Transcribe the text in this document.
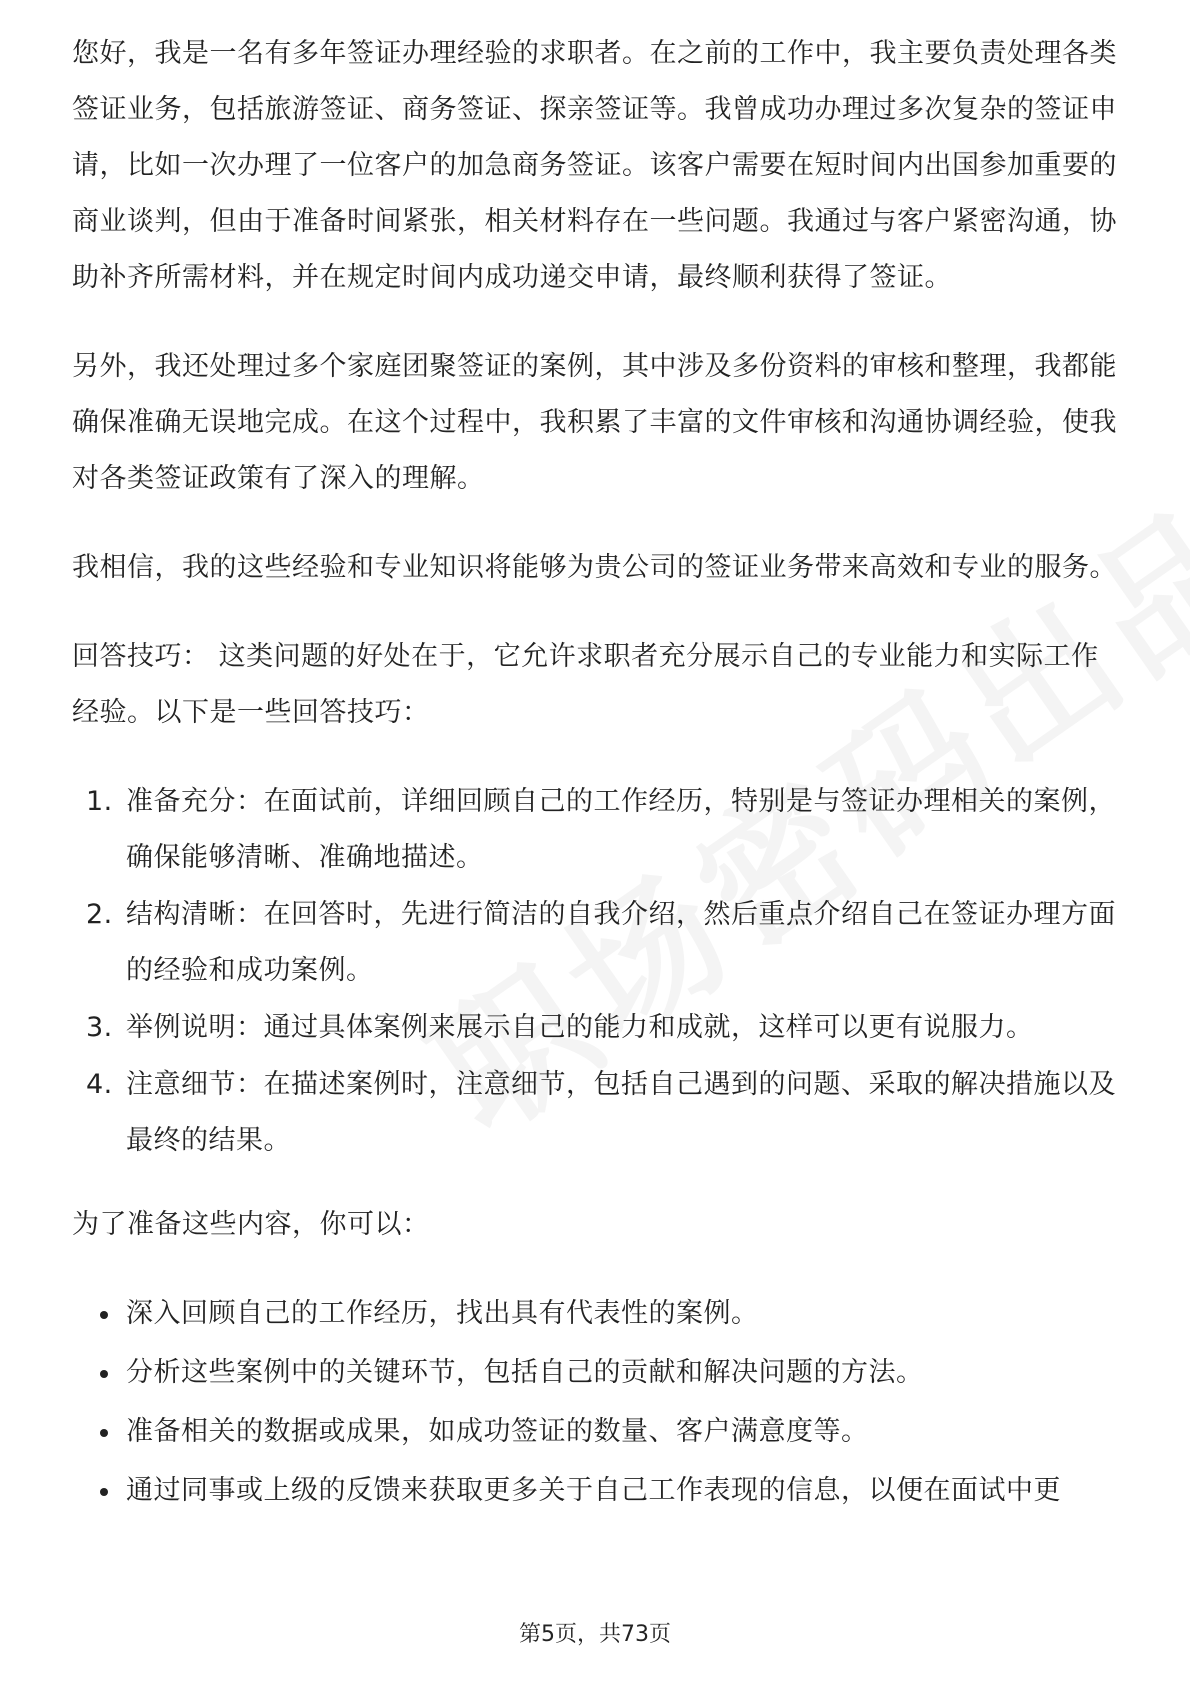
您好，我是一名有多年签证办理经验的求职者。在之前的工作中，我主要负责处理各类签证业务，包括旅游签证、商务签证、探亲签证等。我曾成功办理过多次复杂的签证申请，比如一次办理了一位客户的加急商务签证。该客户需要在短时间内出国参加重要的商业谈判，但由于准备时间紧张，相关材料存在一些问题。我通过与客户紧密沟通，协助补齐所需材料，并在规定时间内成功递交申请，最终顺利获得了签证。

另外，我还处理过多个家庭团聚签证的案例，其中涉及多份资料的审核和整理，我都能确保准确无误地完成。在这个过程中，我积累了丰富的文件审核和沟通协调经验，使我对各类签证政策有了深入的理解。

我相信，我的这些经验和专业知识将能够为贵公司的签证业务带来高效和专业的服务。

回答技巧： 这类问题的好处在于，它允许求职者充分展示自己的专业能力和实际工作经验。以下是一些回答技巧：

1. 准备充分：在面试前，详细回顾自己的工作经历，特别是与签证办理相关的案例，确保能够清晰、准确地描述。
2. 结构清晰：在回答时，先进行简洁的自我介绍，然后重点介绍自己在签证办理方面的经验和成功案例。
3. 举例说明：通过具体案例来展示自己的能力和成就，这样可以更有说服力。
4. 注意细节：在描述案例时，注意细节，包括自己遇到的问题、采取的解决措施以及最终的结果。

为了准备这些内容，你可以：

深入回顾自己的工作经历，找出具有代表性的案例。
分析这些案例中的关键环节，包括自己的贡献和解决问题的方法。
准备相关的数据或成果，如成功签证的数量、客户满意度等。
通过同事或上级的反馈来获取更多关于自己工作表现的信息，以便在面试中更
第5页，共73页
